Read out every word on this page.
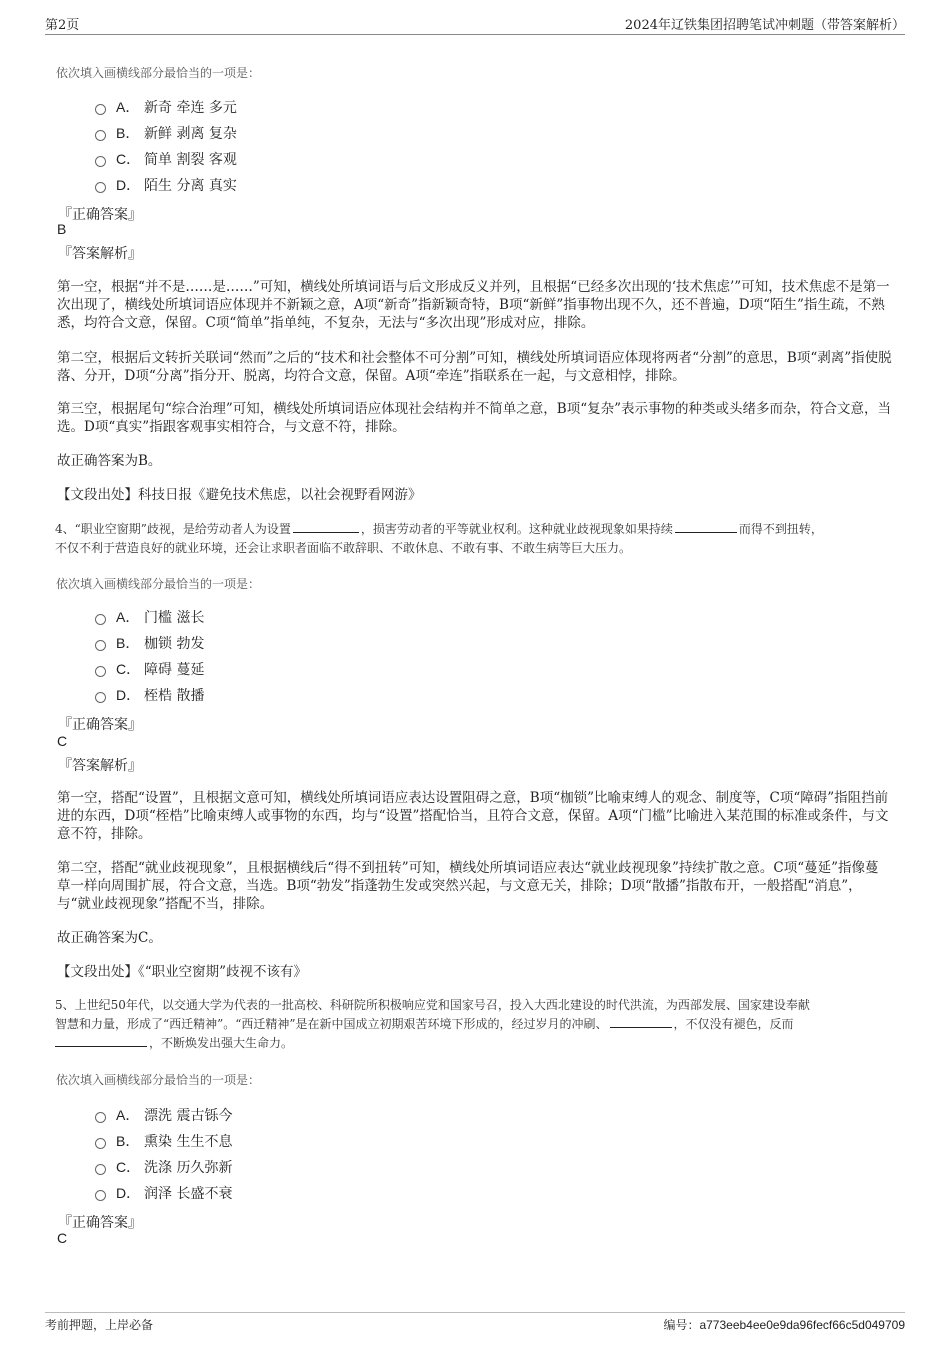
第2页	2024年辽铁集团招聘笔试冲刺题（带答案解析）
依次填入画横线部分最恰当的一项是：
A． 新奇 牵连 多元
B． 新鲜 剥离 复杂
C． 简单 割裂 客观
D． 陌生 分离 真实
『正确答案』
B
『答案解析』
第一空，根据“并不是……是……”可知，横线处所填词语与后文形成反义并列，且根据“已经多次出现的‘技术焦虑’”可知，技术焦虑不是第一次出现了，横线处所填词语应体现并不新颖之意，A项“新奇”指新颖奇特，B项“新鲜”指事物出现不久，还不普遍，D项“陌生”指生疏，不熟悉，均符合文意，保留。C项“简单”指单纯，不复杂，无法与“多次出现”形成对应，排除。
第二空，根据后文转折关联词“然而”之后的“技术和社会整体不可分割”可知，横线处所填词语应体现将两者“分割”的意思，B项“剥离”指使脱落、分开，D项“分离”指分开、脱离，均符合文意，保留。A项“牵连”指联系在一起，与文意相悖，排除。
第三空，根据尾句“综合治理”可知，横线处所填词语应体现社会结构并不简单之意，B项“复杂”表示事物的种类或头绪多而杂，符合文意，当选。D项“真实”指跟客观事实相符合，与文意不符，排除。
故正确答案为B。
【文段出处】科技日报《避免技术焦虑，以社会视野看网游》
4、“职业空窗期”歧视，是给劳动者人为设置	，损害劳动者的平等就业权利。这种就业歧视现象如果持续	而得不到扭转，
不仅不利于营造良好的就业环境，还会让求职者面临不敢辞职、不敢休息、不敢有事、不敢生病等巨大压力。
依次填入画横线部分最恰当的一项是：
A． 门槛 滋长
B． 枷锁 勃发
C． 障碍 蔓延
D． 桎梏 散播
『正确答案』
C
『答案解析』
第一空，搭配“设置”，且根据文意可知，横线处所填词语应表达设置阻碍之意，B项“枷锁”比喻束缚人的观念、制度等，C项“障碍”指阻挡前进的东西，D项“桎梏”比喻束缚人或事物的东西，均与“设置”搭配恰当，且符合文意，保留。A项“门槛”比喻进入某范围的标准或条件，与文意不符，排除。
第二空，搭配“就业歧视现象”，且根据横线后“得不到扭转”可知，横线处所填词语应表达“就业歧视现象”持续扩散之意。C项“蔓延”指像蔓草一样向周围扩展，符合文意，当选。B项“勃发”指蓬勃生发或突然兴起，与文意无关，排除；D项“散播”指散布开，一般搭配“消息”，与“就业歧视现象”搭配不当，排除。
故正确答案为C。
【文段出处】《“职业空窗期”歧视不该有》
5、上世纪50年代，以交通大学为代表的一批高校、科研院所积极响应党和国家号召，投入大西北建设的时代洪流，为西部发展、国家建设奉献
智慧和力量，形成了“西迁精神”。“西迁精神”是在新中国成立初期艰苦环境下形成的，经过岁月的冲刷、	，不仅没有褪色，反而
，不断焕发出强大生命力。
依次填入画横线部分最恰当的一项是：
A． 漂洗 震古铄今
B． 熏染 生生不息
C． 洗涤 历久弥新
D． 润泽 长盛不衰
『正确答案』
C
考前押题，上岸必备	编号：a773eeb4ee0e9da96fecf66c5d049709
